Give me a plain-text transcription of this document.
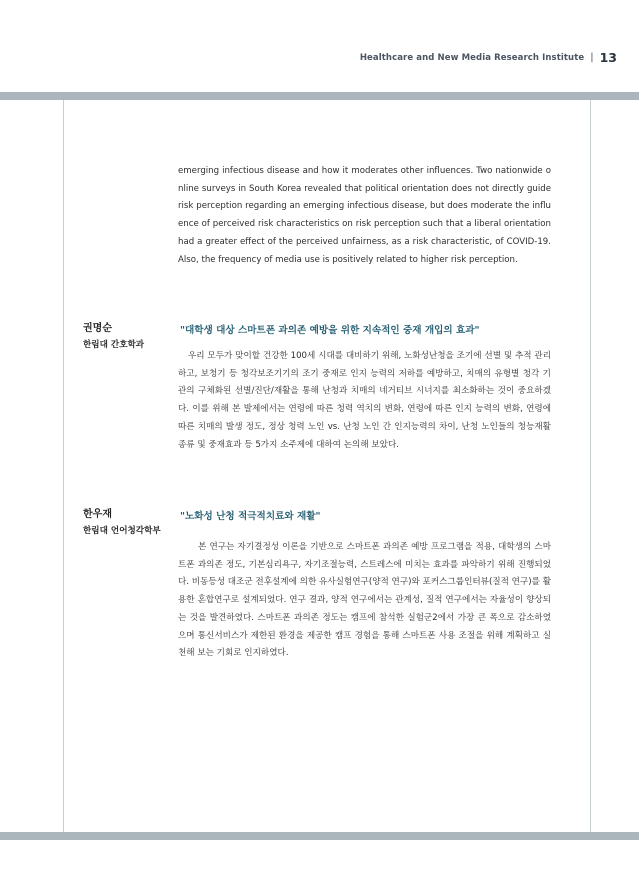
Healthcare and New Media Research Institute | 13

emerging infectious disease and how it moderates other influences. Two nationwide online surveys in South Korea revealed that political orientation does not directly guide risk perception regarding an emerging infectious disease, but does moderate the influence of perceived risk characteristics on risk perception such that a liberal orientation had a greater effect of the perceived unfairness, as a risk characteristic, of COVID-19. Also, the frequency of media use is positively related to higher risk perception.

권명순
한림대 간호학과
"대학생 대상 스마트폰 과의존 예방을 위한 지속적인 중재 개입의 효과"

우리 모두가 맞이할 건강한 100세 시대를 대비하기 위해, 노화성난청을 조기에 선별 및 추적 관리하고, 보청기 등 청각보조기기의 조기 중재로 인지 능력의 저하를 예방하고, 치매의 유형별 청각 기관의 구체화된 선별/진단/재활을 통해 난청과 치매의 네거티브 시너지를 최소화하는 것이 중요하겠다. 이를 위해 본 발제에서는 연령에 따른 청력 역치의 변화, 연령에 따른 인지 능력의 변화, 연령에 따른 치매의 발생 정도, 정상 청력 노인 vs. 난청 노인 간 인지능력의 차이, 난청 노인들의 청능재활 종류 및 중재효과 등 5가지 소주제에 대하여 논의해 보았다.

한우재
한림대 언어청각학부
"노화성 난청 적극적치료와 재활"

본 연구는 자기결정성 이론을 기반으로 스마트폰 과의존 예방 프로그램을 적용, 대학생의 스마트폰 과의존 정도, 기본심리욕구, 자기조절능력, 스트레스에 미치는 효과를 파악하기 위해 진행되었다. 비동등성 대조군 전후설계에 의한 유사실험연구(양적 연구)와 포커스그룹인터뷰(질적 연구)를 활용한 혼합연구로 설계되었다. 연구 결과, 양적 연구에서는 관계성, 질적 연구에서는 자율성이 향상되는 것을 발견하였다. 스마트폰 과의존 정도는 캠프에 참석한 실험군2에서 가장 큰 폭으로 감소하였으며 통신서비스가 제한된 환경을 제공한 캠프 경험을 통해 스마트폰 사용 조절을 위해 계획하고 실천해 보는 기회로 인지하였다.
